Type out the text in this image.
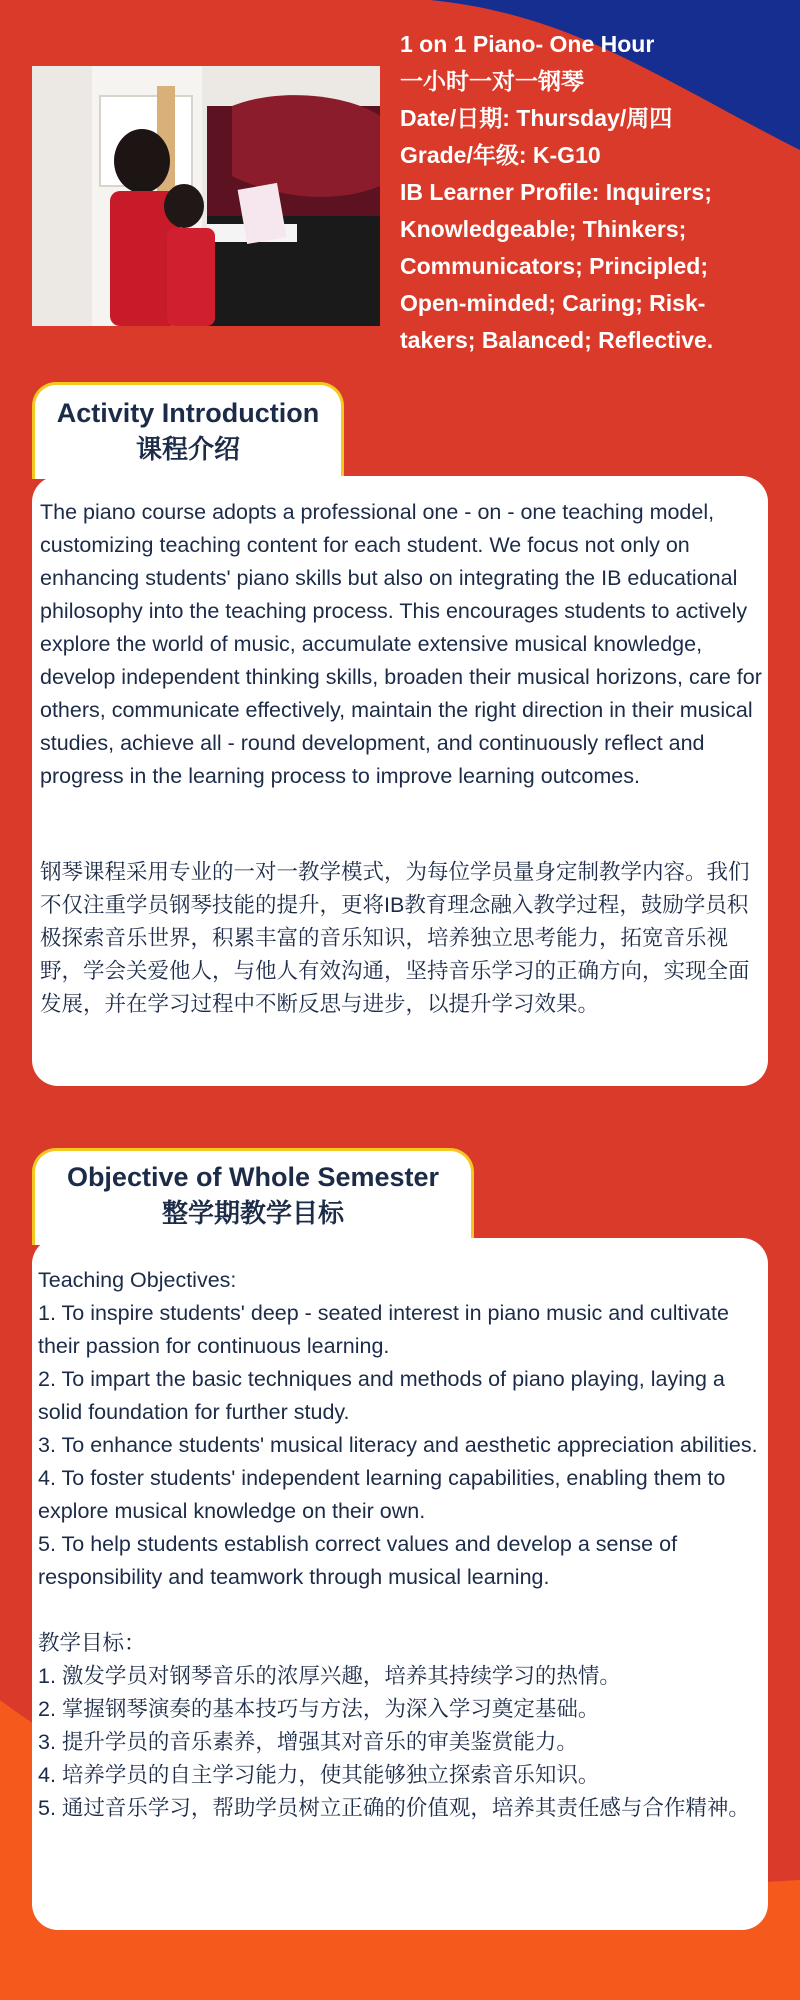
1 on 1 Piano- One Hour
一小时一对一钢琴
Date/日期: Thursday/周四
Grade/年级: K-G10
IB Learner Profile: Inquirers; Knowledgeable; Thinkers; Communicators; Principled; Open-minded; Caring; Risk-takers; Balanced; Reflective.
Activity Introduction
课程介绍

The piano course adopts a professional one - on - one teaching model, customizing teaching content for each student. We focus not only on enhancing students' piano skills but also on integrating the IB educational philosophy into the teaching process. This encourages students to actively explore the world of music, accumulate extensive musical knowledge, develop independent thinking skills, broaden their musical horizons, care for others, communicate effectively, maintain the right direction in their musical studies, achieve all - round development, and continuously reflect and progress in the learning process to improve learning outcomes.

钢琴课程采用专业的一对一教学模式，为每位学员量身定制教学内容。我们不仅注重学员钢琴技能的提升，更将IB教育理念融入教学过程，鼓励学员积极探索音乐世界，积累丰富的音乐知识，培养独立思考能力，拓宽音乐视野，学会关爱他人，与他人有效沟通，坚持音乐学习的正确方向，实现全面发展，并在学习过程中不断反思与进步，以提升学习效果。

Objective of Whole Semester
整学期教学目标
Teaching Objectives:
1. To inspire students' deep - seated interest in piano music and cultivate their passion for continuous learning.
2. To impart the basic techniques and methods of piano playing, laying a solid foundation for further study.
3. To enhance students' musical literacy and aesthetic appreciation abilities.
4. To foster students' independent learning capabilities, enabling them to explore musical knowledge on their own.
5. To help students establish correct values and develop a sense of responsibility and teamwork through musical learning.
教学目标：
1. 激发学员对钢琴音乐的浓厚兴趣，培养其持续学习的热情。
2. 掌握钢琴演奏的基本技巧与方法，为深入学习奠定基础。
3. 提升学员的音乐素养，增强其对音乐的审美鉴赏能力。
4. 培养学员的自主学习能力，使其能够独立探索音乐知识。
5. 通过音乐学习，帮助学员树立正确的价值观，培养其责任感与合作精神。
